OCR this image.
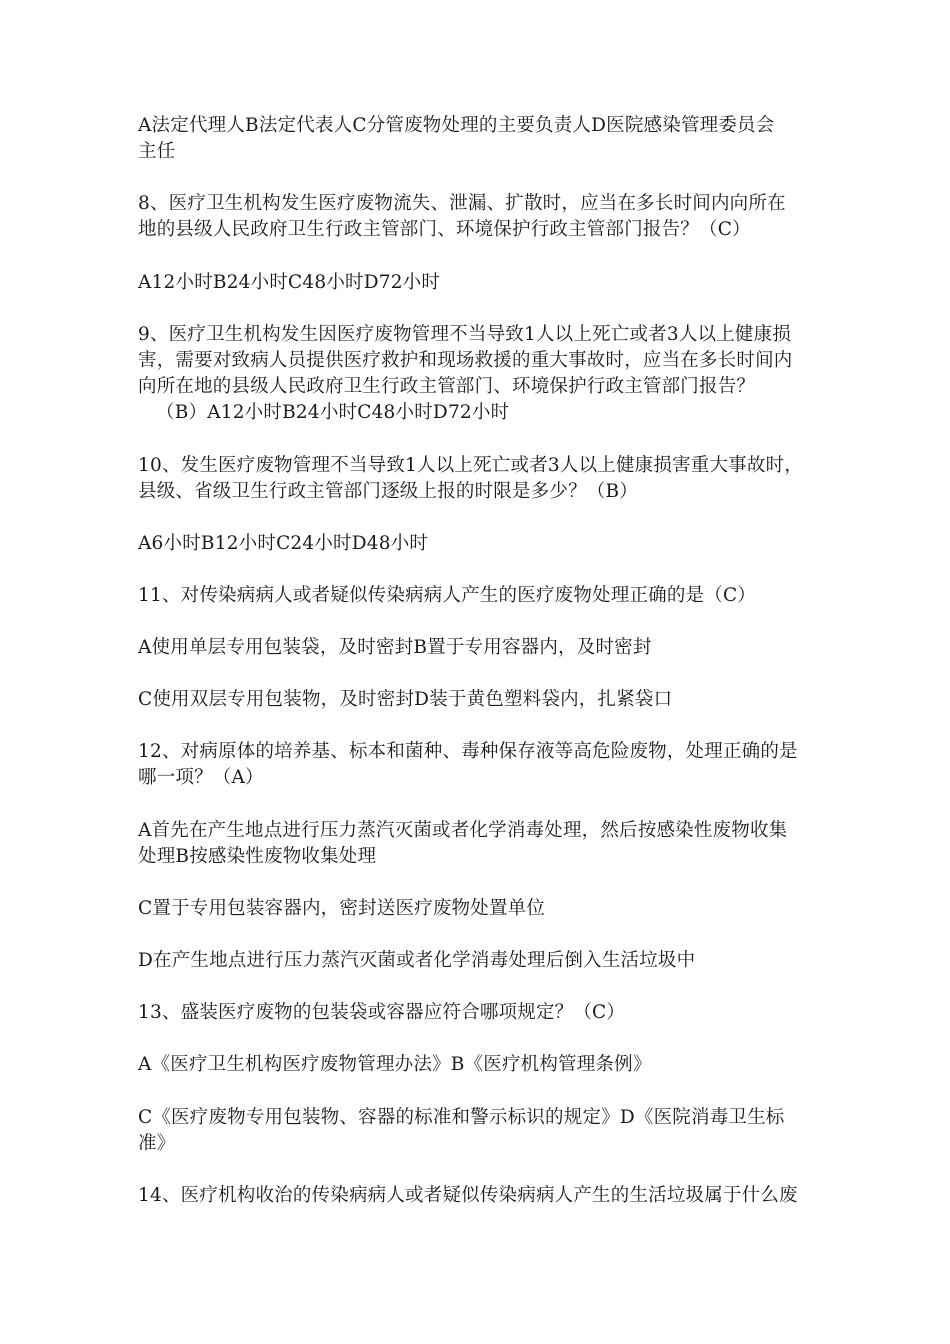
A法定代理人B法定代表人C分管废物处理的主要负责人D医院感染管理委员会
主任
8、医疗卫生机构发生医疗废物流失、泄漏、扩散时，应当在多长时间内向所在
地的县级人民政府卫生行政主管部门、环境保护行政主管部门报告？（C）
A12小时B24小时C48小时D72小时
9、医疗卫生机构发生因医疗废物管理不当导致1人以上死亡或者3人以上健康损
害，需要对致病人员提供医疗救护和现场救援的重大事故时，应当在多长时间内
向所在地的县级人民政府卫生行政主管部门、环境保护行政主管部门报告？
（B）A12小时B24小时C48小时D72小时
10、发生医疗废物管理不当导致1人以上死亡或者3人以上健康损害重大事故时，
县级、省级卫生行政主管部门逐级上报的时限是多少？（B）
A6小时B12小时C24小时D48小时
11、对传染病病人或者疑似传染病病人产生的医疗废物处理正确的是（C）
A使用单层专用包装袋，及时密封B置于专用容器内，及时密封
C使用双层专用包装物，及时密封D装于黄色塑料袋内，扎紧袋口
12、对病原体的培养基、标本和菌种、毒种保存液等高危险废物，处理正确的是
哪一项？（A）
A首先在产生地点进行压力蒸汽灭菌或者化学消毒处理，然后按感染性废物收集
处理B按感染性废物收集处理
C置于专用包装容器内，密封送医疗废物处置单位
D在产生地点进行压力蒸汽灭菌或者化学消毒处理后倒入生活垃圾中
13、盛装医疗废物的包装袋或容器应符合哪项规定？（C）
A《医疗卫生机构医疗废物管理办法》B《医疗机构管理条例》
C《医疗废物专用包装物、容器的标准和警示标识的规定》D《医院消毒卫生标
准》
14、医疗机构收治的传染病病人或者疑似传染病病人产生的生活垃圾属于什么废
